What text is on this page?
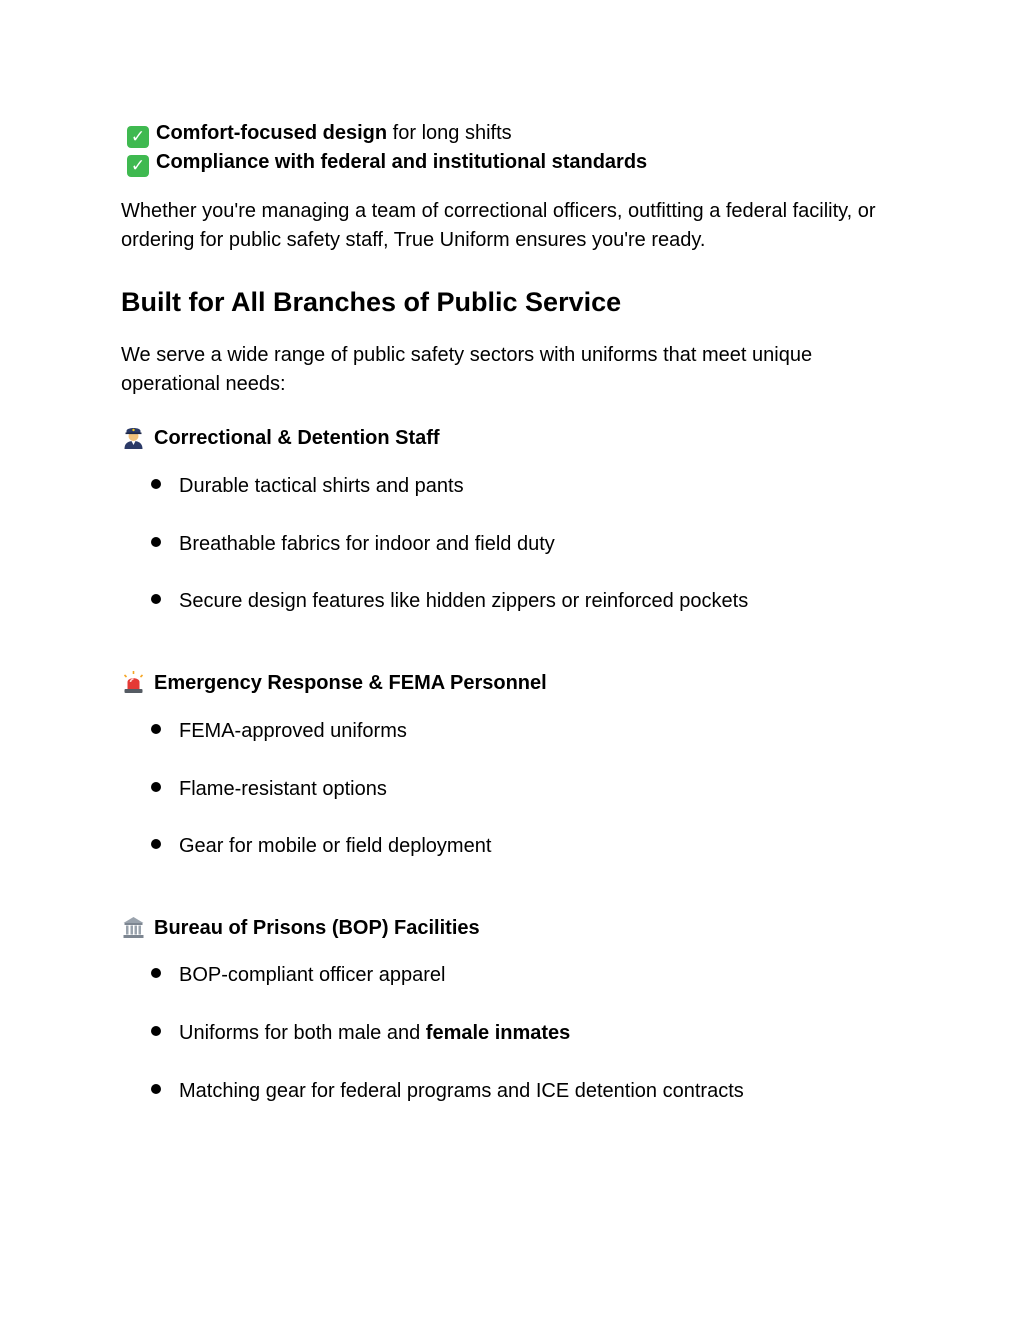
✓ Comfort-focused design for long shifts
✓ Compliance with federal and institutional standards
Whether you're managing a team of correctional officers, outfitting a federal facility, or ordering for public safety staff, True Uniform ensures you're ready.
Built for All Branches of Public Service
We serve a wide range of public safety sectors with uniforms that meet unique operational needs:
Correctional & Detention Staff
Durable tactical shirts and pants
Breathable fabrics for indoor and field duty
Secure design features like hidden zippers or reinforced pockets
Emergency Response & FEMA Personnel
FEMA-approved uniforms
Flame-resistant options
Gear for mobile or field deployment
Bureau of Prisons (BOP) Facilities
BOP-compliant officer apparel
Uniforms for both male and female inmates
Matching gear for federal programs and ICE detention contracts
